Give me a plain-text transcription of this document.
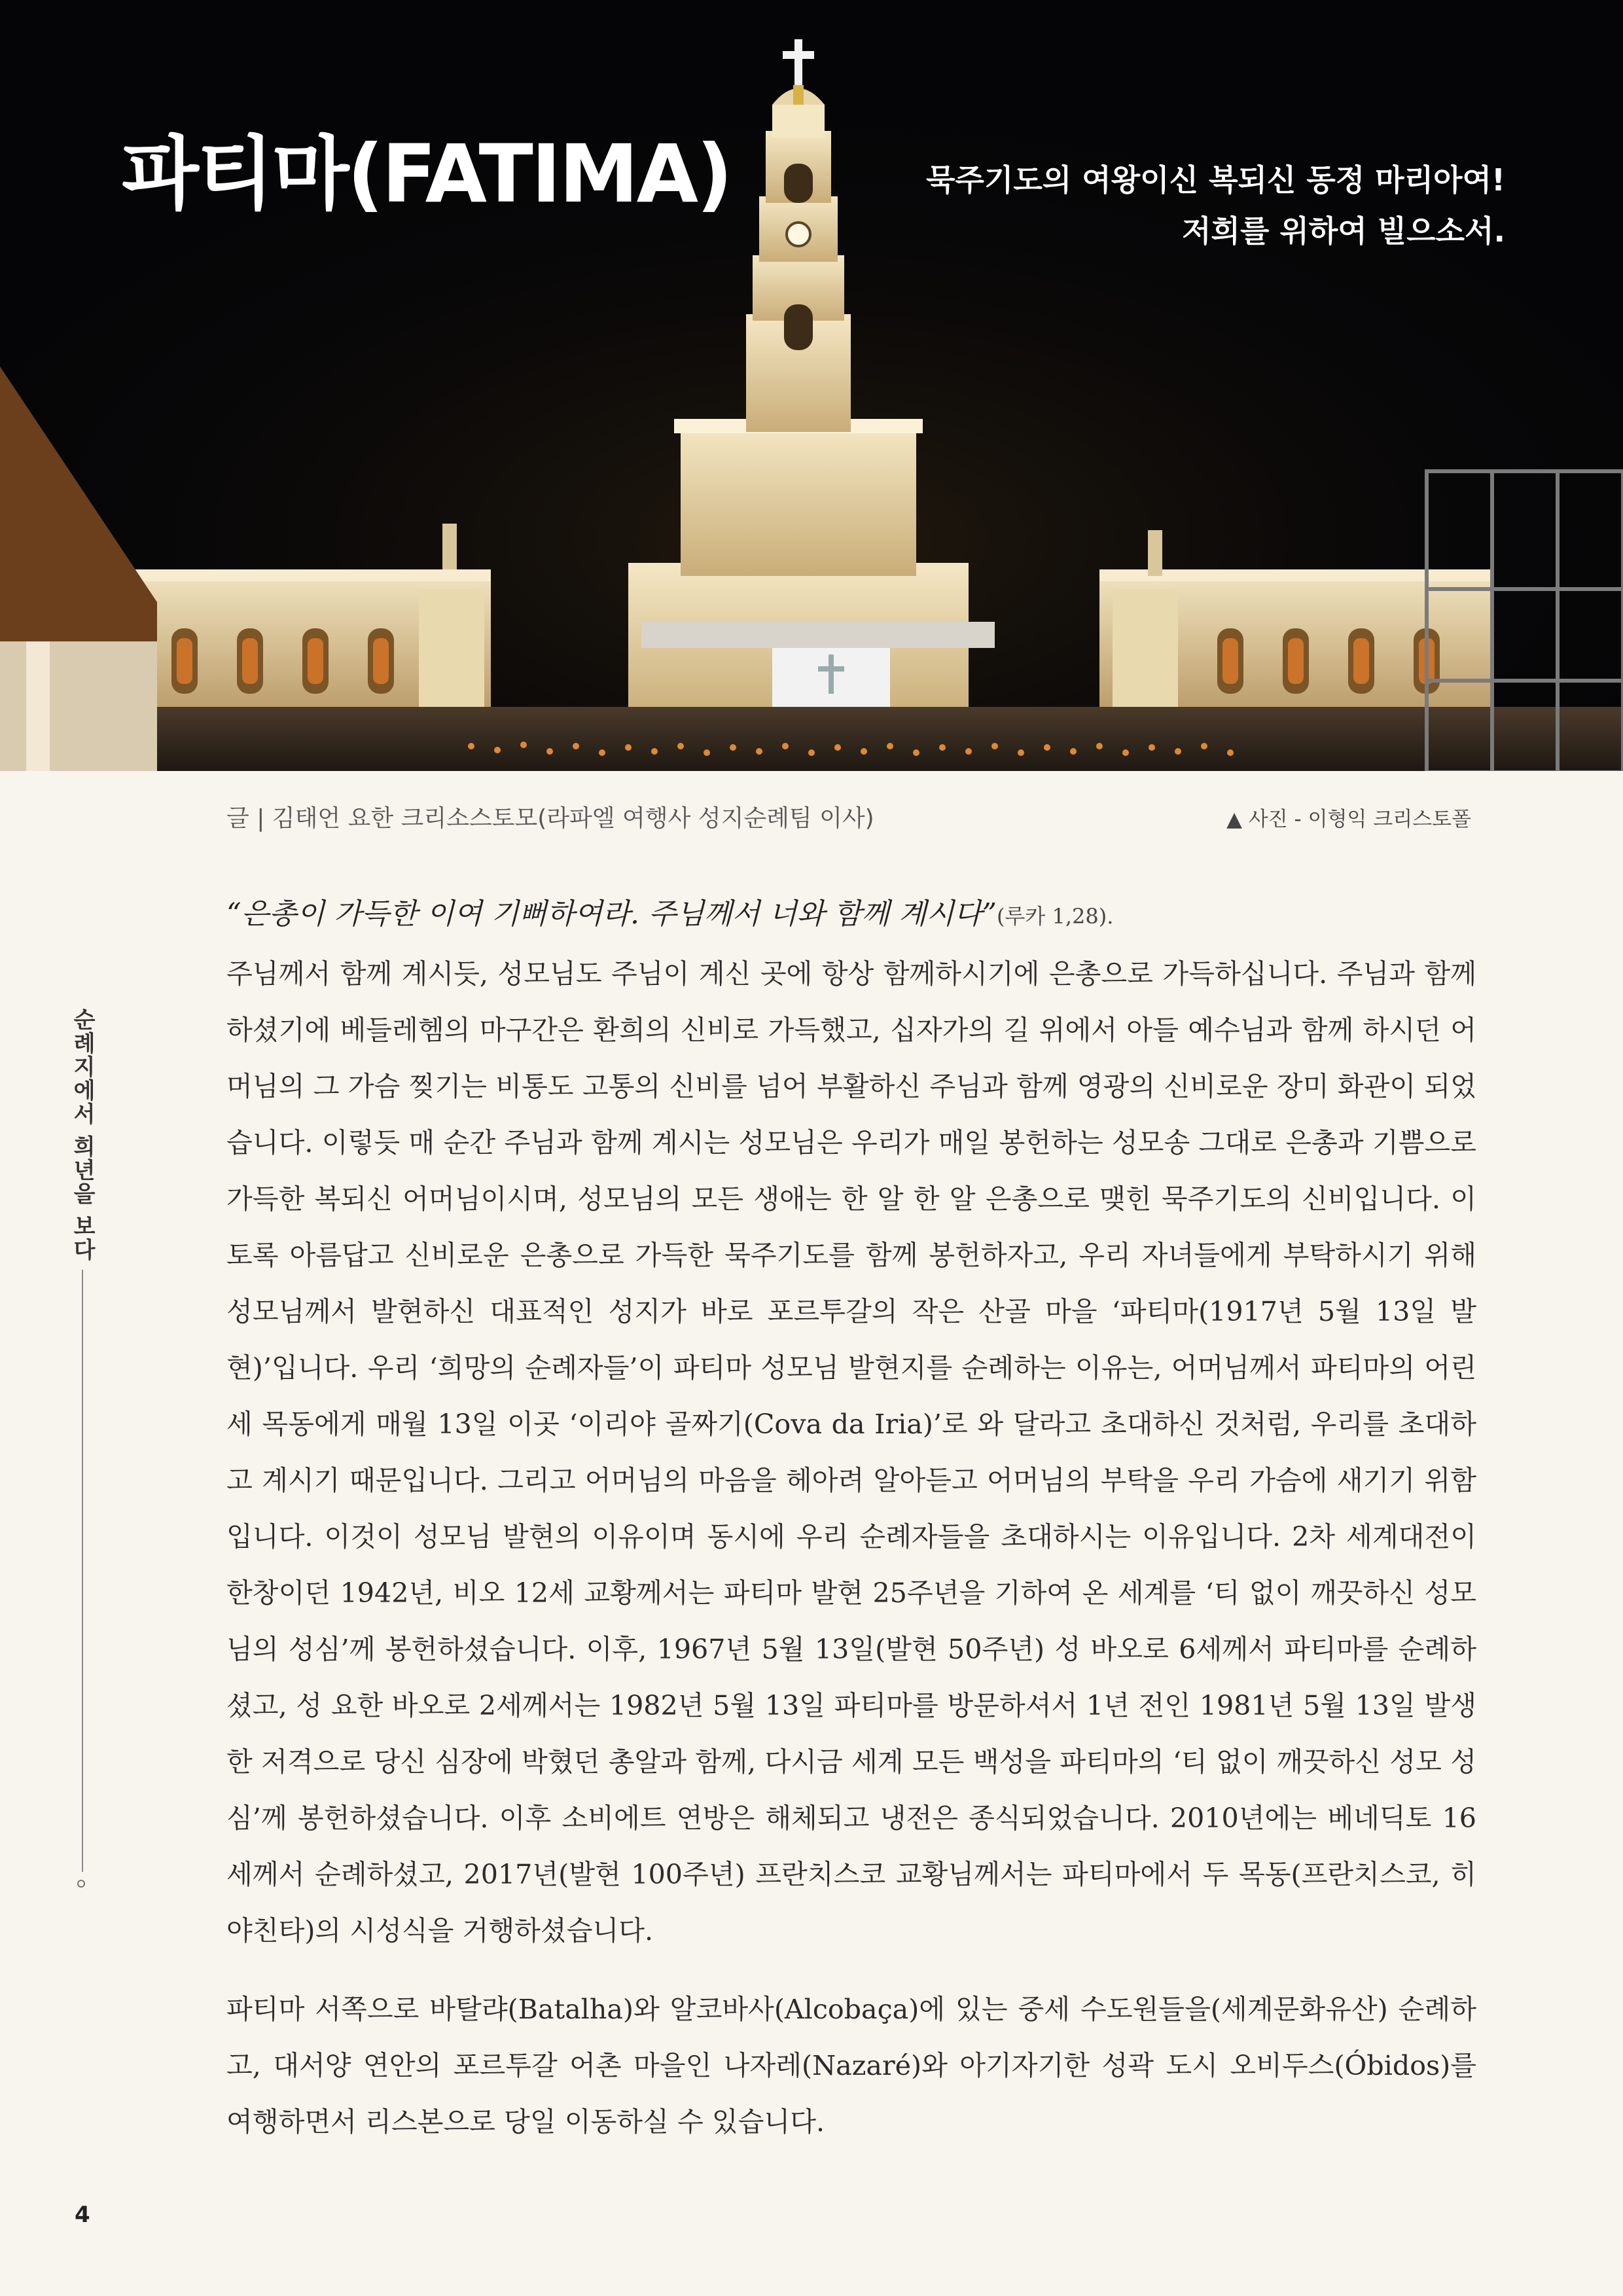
파티마(FATIMA)	묵주기도의 여왕이신 복되신 동정 마리아여!
저희를 위하여 빌으소서.
글 | 김태언 요한 크리소스토모(라파엘 여행사 성지순례팀 이사)	▲ 사진 - 이형익 크리스토폴
순례지에서 희년을 보다
4

“은총이 가득한 이여 기뻐하여라. 주님께서 너와 함께 계시다”(루카 1,28).

주님께서 함께 계시듯, 성모님도 주님이 계신 곳에 항상 함께하시기에 은총으로 가득하십니다. 주님과 함께하셨기에 베들레헴의 마구간은 환희의 신비로 가득했고, 십자가의 길 위에서 아들 예수님과 함께 하시던 어머님의 그 가슴 찢기는 비통도 고통의 신비를 넘어 부활하신 주님과 함께 영광의 신비로운 장미 화관이 되었습니다. 이렇듯 매 순간 주님과 함께 계시는 성모님은 우리가 매일 봉헌하는 성모송 그대로 은총과 기쁨으로 가득한 복되신 어머님이시며, 성모님의 모든 생애는 한 알 한 알 은총으로 맺힌 묵주기도의 신비입니다. 이토록 아름답고 신비로운 은총으로 가득한 묵주기도를 함께 봉헌하자고, 우리 자녀들에게 부탁하시기 위해 성모님께서 발현하신 대표적인 성지가 바로 포르투갈의 작은 산골 마을 ‘파티마(1917년 5월 13일 발현)’입니다. 우리 ‘희망의 순례자들’이 파티마 성모님 발현지를 순례하는 이유는, 어머님께서 파티마의 어린 세 목동에게 매월 13일 이곳 ‘이리야 골짜기(Cova da Iria)’로 와 달라고 초대하신 것처럼, 우리를 초대하고 계시기 때문입니다. 그리고 어머님의 마음을 헤아려 알아듣고 어머님의 부탁을 우리 가슴에 새기기 위함입니다. 이것이 성모님 발현의 이유이며 동시에 우리 순례자들을 초대하시는 이유입니다. 2차 세계대전이 한창이던 1942년, 비오 12세 교황께서는 파티마 발현 25주년을 기하여 온 세계를 ‘티 없이 깨끗하신 성모님의 성심’께 봉헌하셨습니다. 이후, 1967년 5월 13일(발현 50주년) 성 바오로 6세께서 파티마를 순례하셨고, 성 요한 바오로 2세께서는 1982년 5월 13일 파티마를 방문하셔서 1년 전인 1981년 5월 13일 발생한 저격으로 당신 심장에 박혔던 총알과 함께, 다시금 세계 모든 백성을 파티마의 ‘티 없이 깨끗하신 성모 성심’께 봉헌하셨습니다. 이후 소비에트 연방은 해체되고 냉전은 종식되었습니다. 2010년에는 베네딕토 16세께서 순례하셨고, 2017년(발현 100주년) 프란치스코 교황님께서는 파티마에서 두 목동(프란치스코, 히야친타)의 시성식을 거행하셨습니다.

파티마 서쪽으로 바탈랴(Batalha)와 알코바사(Alcobaça)에 있는 중세 수도원들을(세계문화유산) 순례하고, 대서양 연안의 포르투갈 어촌 마을인 나자레(Nazaré)와 아기자기한 성곽 도시 오비두스(Óbidos)를 여행하면서 리스본으로 당일 이동하실 수 있습니다.
